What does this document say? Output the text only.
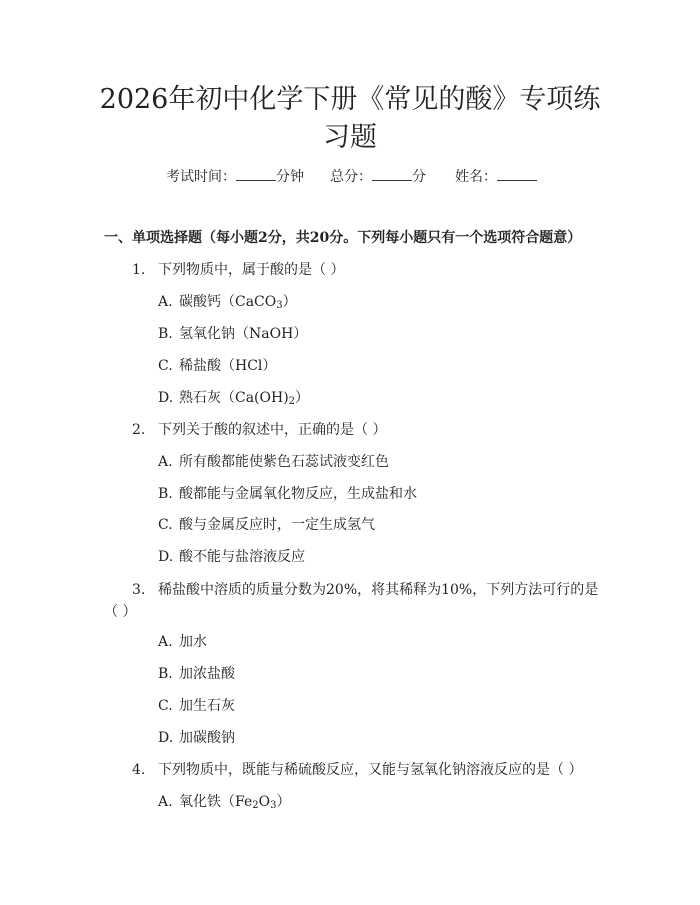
2026年初中化学下册《常见的酸》专项练习题
考试时间：	分钟 总分：	分 姓名：
一、单项选择题（每小题2分，共20分。下列每小题只有一个选项符合题意）
1. 下列物质中，属于酸的是（ ）
A. 碳酸钙（CaCO$_3$）
B. 氢氧化钠（NaOH）
C. 稀盐酸（HCl）
D. 熟石灰$(Ca(OH)_2)$
2. 下列关于酸的叙述中，正确的是（ ）
A. 所有酸都能使紫色石蕊试液变红色
B. 酸都能与金属氧化物反应，生成盐和水
C. 酸与金属反应时，一定生成氢气
D. 酸不能与盐溶液反应
3. 稀盐酸中溶质的质量分数为20%，将其稀释为10%，下列方法可行的是
（ ）
A. 加水
B. 加浓盐酸
C. 加生石灰
D. 加碳酸钠
4. 下列物质中，既能与稀硫酸反应，又能与氢氧化钠溶液反应的是（ ）
A. 氧化铁$(Fe_2O_3)$
